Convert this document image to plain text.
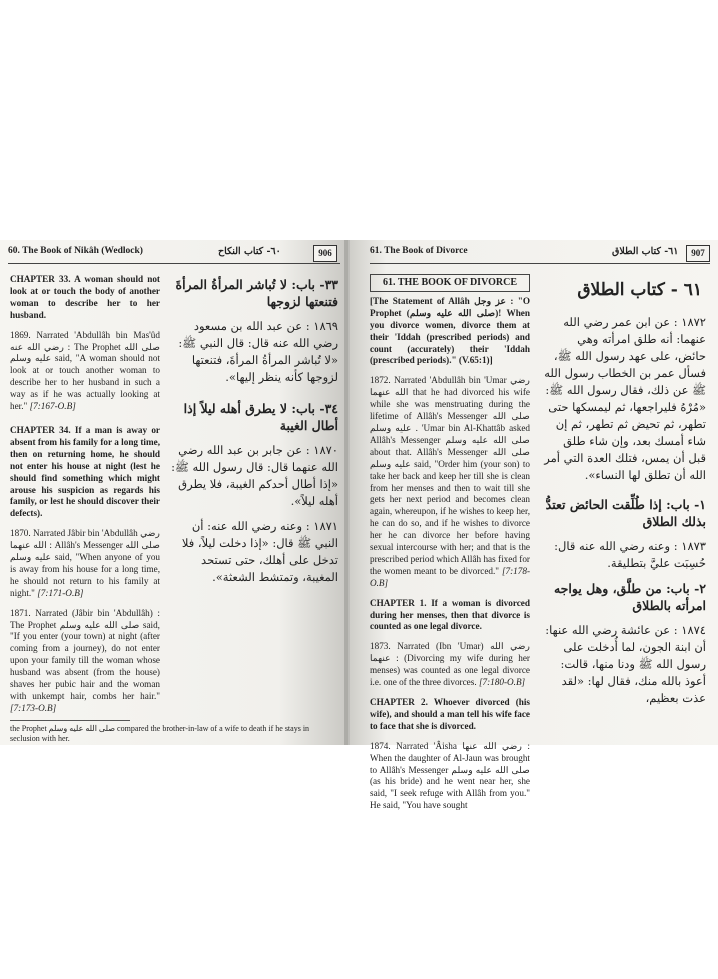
60. The Book of Nikâh (Wedlock)	٦٠- كتاب النكاح	906

CHAPTER 33. A woman should not look at or touch the body of another woman to describe her to her husband.

1869. Narrated 'Abdullâh bin Mas'ûd رضي الله عنه : The Prophet صلى الله عليه وسلم said, "A woman should not look at or touch another woman to describe her to her husband in such a way as if he was actually looking at her." [7:167-O.B]

CHAPTER 34. If a man is away or absent from his family for a long time, then on returning home, he should not enter his house at night (lest he should find something which might arouse his suspicion as regards his family, or lest he should discover their defects).

1870. Narrated Jâbir bin 'Abdullâh رضي الله عنهما : Allâh's Messenger صلى الله عليه وسلم said, "When anyone of you is away from his house for a long time, he should not return to his family at night." [7:171-O.B]

1871. Narrated (Jâbir bin 'Abdullâh) : The Prophet صلى الله عليه وسلم said, "If you enter (your town) at night (after coming from a journey), do not enter upon your family till the woman whose husband was absent (from the house) shaves her pubic hair and the woman with unkempt hair, combs her hair." [7:173-O.B]

٣٣- باب: لا تُباشر المرأةُ المرأةَ فتنعتها لزوجها

١٨٦٩ : عن عبد الله بن مسعود رضي الله عنه قال: قال النبي ﷺ: «لا تُباشر المرأةُ المرأةَ، فتنعتها لزوجها كأنه ينظر إليها».

٣٤- باب: لا يطرق أهله ليلاً إذا أطال الغيبة

١٨٧٠ : عن جابر بن عبد الله رضي الله عنهما قال: قال رسول الله ﷺ: «إذا أطال أحدكم الغيبة، فلا يطرق أهله ليلاً».

١٨٧١ : وعنه رضي الله عنه: أن النبي ﷺ قال: «إذا دخلت ليلاً، فلا تدخل على أهلك، حتى تستحد المغيبة، وتمتشط الشعثة».

the Prophet صلى الله عليه وسلم compared the brother-in-law of a wife to death if he stays in seclusion with her.
61. The Book of Divorce	٦١- كتاب الطلاق	907
61. THE BOOK OF DIVORCE

[The Statement of Allâh عز وجل : "O Prophet (صلى الله عليه وسلم)! When you divorce women, divorce them at their 'Iddah (prescribed periods) and count (accurately) their 'Iddah (prescribed periods)." (V.65:1)]

1872. Narrated 'Abdullâh bin 'Umar رضي الله عنهما that he had divorced his wife while she was menstruating during the lifetime of Allâh's Messenger صلى الله عليه وسلم . 'Umar bin Al-Khattâb asked Allâh's Messenger صلى الله عليه وسلم about that. Allâh's Messenger صلى الله عليه وسلم said, "Order him (your son) to take her back and keep her till she is clean from her menses and then to wait till she gets her next period and becomes clean again, whereupon, if he wishes to keep her, he can do so, and if he wishes to divorce her he can divorce her before having sexual intercourse with her; and that is the prescribed period which Allâh has fixed for the women meant to be divorced." [7:178-O.B]

CHAPTER 1. If a woman is divorced during her menses, then that divorce is counted as one legal divorce.

1873. Narrated (Ibn 'Umar) رضي الله عنهما : (Divorcing my wife during her menses) was counted as one legal divorce i.e. one of the three divorces. [7:180-O.B]

CHAPTER 2. Whoever divorced (his wife), and should a man tell his wife face to face that she is divorced.

1874. Narrated 'Âisha رضي الله عنها : When the daughter of Al-Jaun was brought to Allâh's Messenger صلى الله عليه وسلم (as his bride) and he went near her, she said, "I seek refuge with Allâh from you." He said, "You have sought

٦١ - كتاب الطلاق

١٨٧٢ : عن ابن عمر رضي الله عنهما: أنه طلق امرأته وهي حائض، على عهد رسول الله ﷺ، فسأل عمر بن الخطاب رسول الله ﷺ عن ذلك، فقال رسول الله ﷺ: «مُرْهُ فليراجعها، ثم ليمسكها حتى تطهر، ثم تحيض ثم تطهر، ثم إن شاء أمسك بعد، وإن شاء طلق قبل أن يمس، فتلك العدة التي أمر الله أن تطلق لها النساء».

١- باب: إذا طُلِّقت الحائض تعتدُّ بذلك الطلاق

١٨٧٣ : وعنه رضي الله عنه قال: حُسِبَت عليَّ بتطليقة.

٢- باب: من طلَّق، وهل يواجه امرأته بالطلاق

١٨٧٤ : عن عائشة رضي الله عنها: أن ابنة الجون، لما أُدخلت على رسول الله ﷺ ودنا منها، قالت: أعوذ بالله منك، فقال لها: «لقد عذت بعظيم،
